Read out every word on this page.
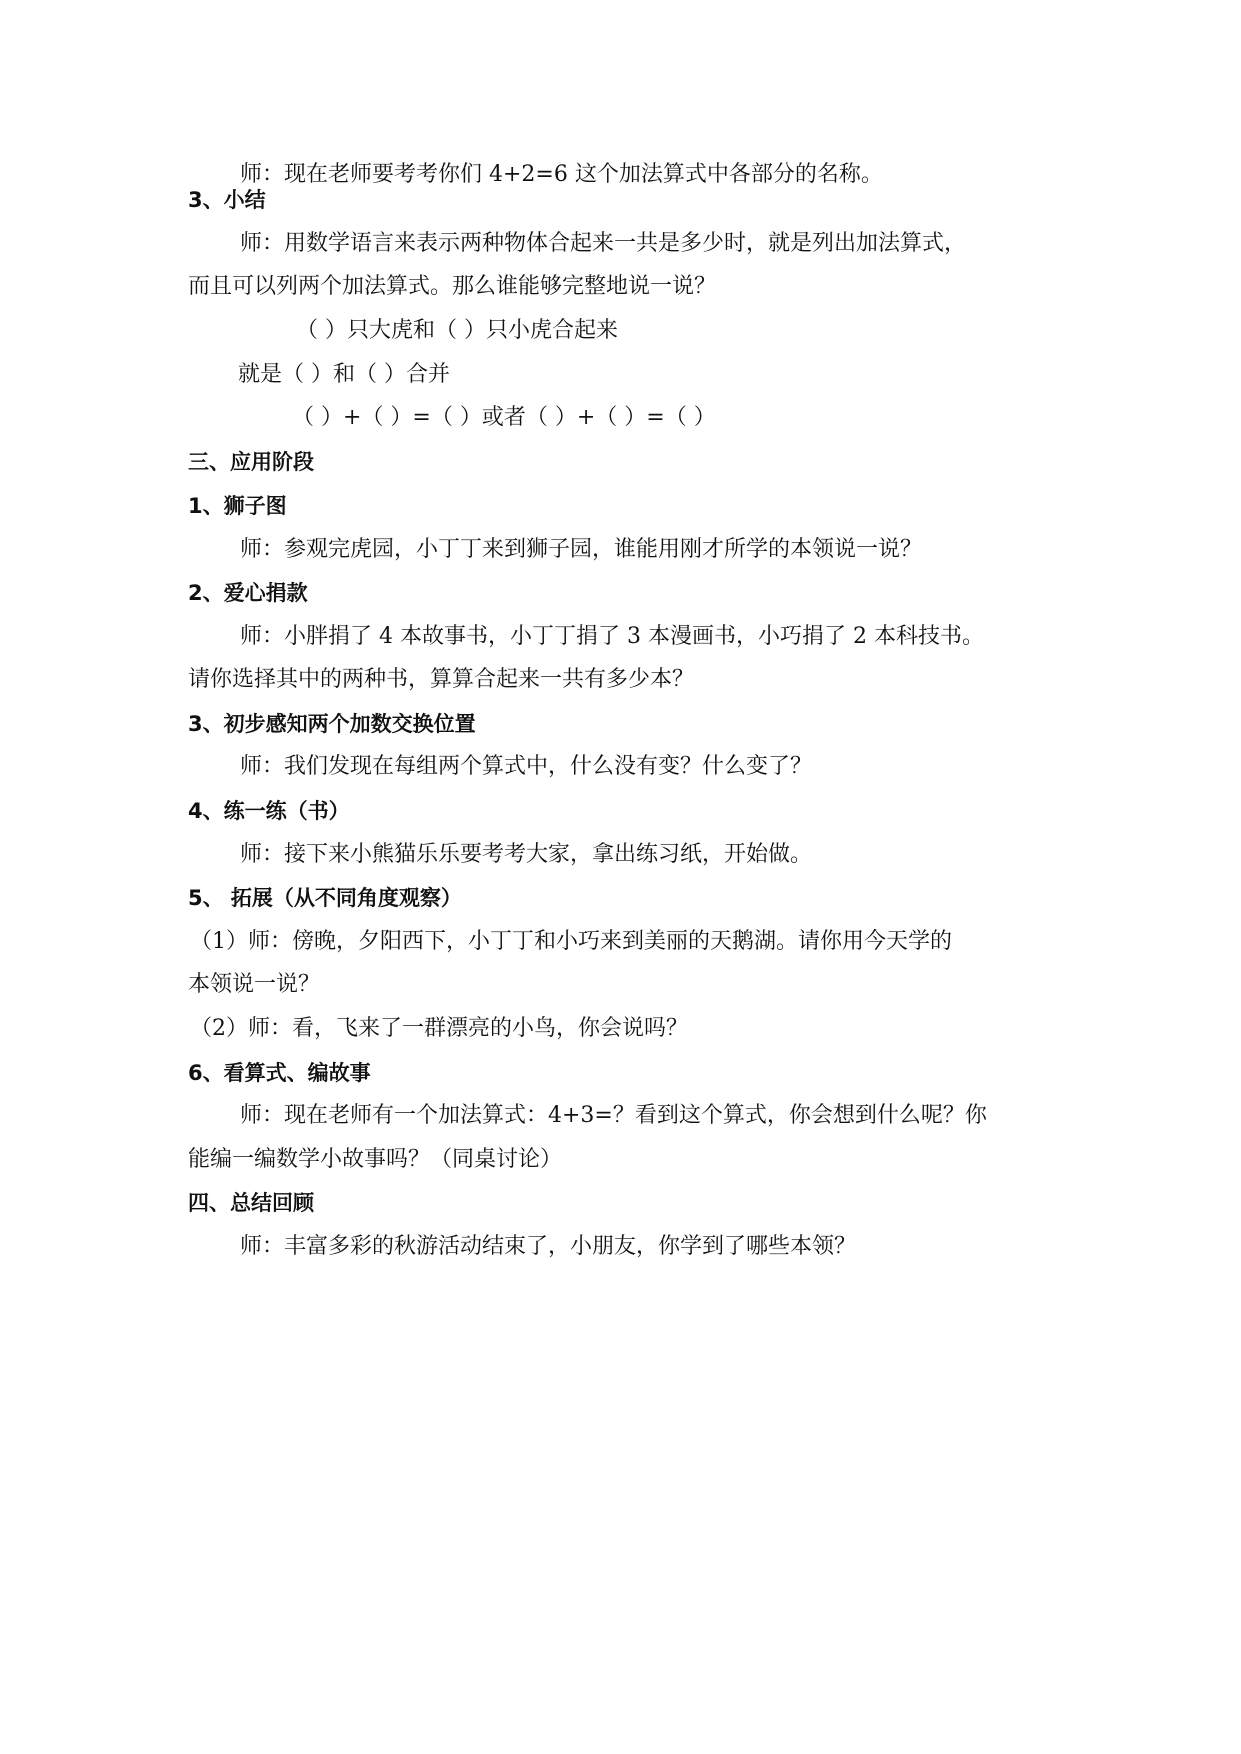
师：现在老师要考考你们 4+2=6 这个加法算式中各部分的名称。
3、小结
师：用数学语言来表示两种物体合起来一共是多少时，就是列出加法算式，
而且可以列两个加法算式。那么谁能够完整地说一说？
（ ）只大虎和（ ）只小虎合起来
就是（ ）和（ ）合并
（ ）+（ ）=（ ）或者（ ）+（ ）=（ ）
三、应用阶段
1、狮子图
师：参观完虎园，小丁丁来到狮子园，谁能用刚才所学的本领说一说？
2、爱心捐款
师：小胖捐了 4 本故事书，小丁丁捐了 3 本漫画书，小巧捐了 2 本科技书。
请你选择其中的两种书，算算合起来一共有多少本？
3、初步感知两个加数交换位置
师：我们发现在每组两个算式中，什么没有变？什么变了？
4、练一练（书）
师：接下来小熊猫乐乐要考考大家，拿出练习纸，开始做。
5、 拓展（从不同角度观察）
（1）师：傍晚，夕阳西下，小丁丁和小巧来到美丽的天鹅湖。请你用今天学的
本领说一说？
（2）师：看，飞来了一群漂亮的小鸟，你会说吗？
6、看算式、编故事
师：现在老师有一个加法算式：4+3=？看到这个算式，你会想到什么呢？你
能编一编数学小故事吗？（同桌讨论）
四、总结回顾
师：丰富多彩的秋游活动结束了，小朋友，你学到了哪些本领？
